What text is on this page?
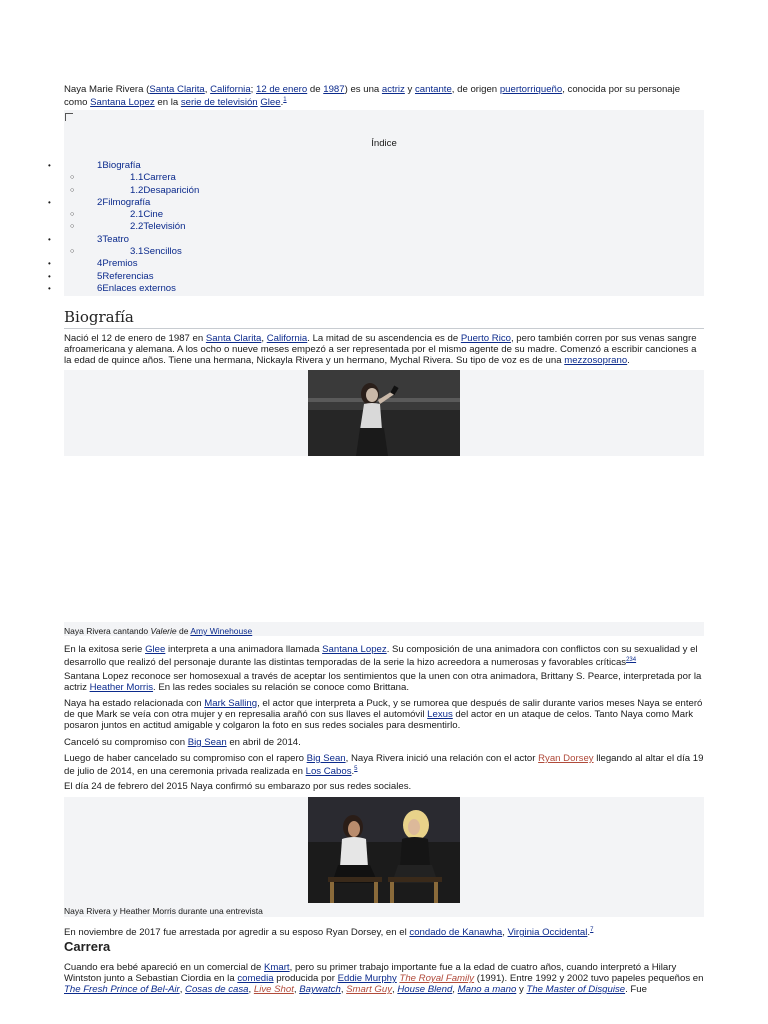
Naya Marie Rivera (Santa Clarita, California; 12 de enero de 1987) es una actriz y cantante, de origen puertorriqueño, conocida por su personaje como Santana Lopez en la serie de televisión Glee.$^1$
Índice
•	1Biografía
○	1.1Carrera
○	1.2Desaparición
•	2Filmografía
○	2.1Cine
○	2.2Televisión
•	3Teatro
○	3.1Sencillos
•	4Premios
•	5Referencias
•	6Enlaces externos
Biografía
Nació el 12 de enero de 1987 en Santa Clarita, California. La mitad de su ascendencia es de Puerto Rico, pero también corren por sus venas sangre afroamericana y alemana. A los ocho o nueve meses empezó a ser representada por el mismo agente de su madre. Comenzó a escribir canciones a la edad de quince años. Tiene una hermana, Nickayla Rivera y un hermano, Mychal Rivera. Su tipo de voz es de una mezzosoprano.
Naya Rivera cantando Valerie de Amy Winehouse
En la exitosa serie Glee interpreta a una animadora llamada Santana Lopez. Su composición de una animadora con conflictos con su sexualidad y el desarrollo que realizó del personaje durante las distintas temporadas de la serie la hizo acreedora a numerosas y favorables críticas$^{2​3​4}$
Santana Lopez reconoce ser homosexual a través de aceptar los sentimientos que la unen con otra animadora, Brittany S. Pearce, interpretada por la actriz Heather Morris. En las redes sociales su relación se conoce como Brittana.
Naya ha estado relacionada con Mark Salling, el actor que interpreta a Puck, y se rumorea que después de salir durante varios meses Naya se enteró de que Mark se veía con otra mujer y en represalia arañó con sus llaves el automóvil Lexus del actor en un ataque de celos. Tanto Naya como Mark posaron juntos en actitud amigable y colgaron la foto en sus redes sociales para desmentirlo.
Canceló su compromiso con Big Sean en abril de 2014.
Luego de haber cancelado su compromiso con el rapero Big Sean, Naya Rivera inició una relación con el actor Ryan Dorsey llegando al altar el día 19 de julio de 2014, en una ceremonia privada realizada en Los Cabos.$^5$
El día 24 de febrero del 2015 Naya confirmó su embarazo por sus redes sociales.
Naya Rivera y Heather Morris durante una entrevista
En noviembre de 2017 fue arrestada por agredir a su esposo Ryan Dorsey, en el condado de Kanawha, Virginia Occidental.$^7$
Carrera
Cuando era bebé apareció en un comercial de Kmart, pero su primer trabajo importante fue a la edad de cuatro años, cuando interpretó a Hilary Wintston junto a Sebastian Ciordia en la comedia producida por Eddie Murphy The Royal Family (1991). Entre 1992 y 2002 tuvo papeles pequeños en The Fresh Prince of Bel-Air, Cosas de casa, Live Shot, Baywatch, Smart Guy, House Blend, Mano a mano y The Master of Disguise. Fue
